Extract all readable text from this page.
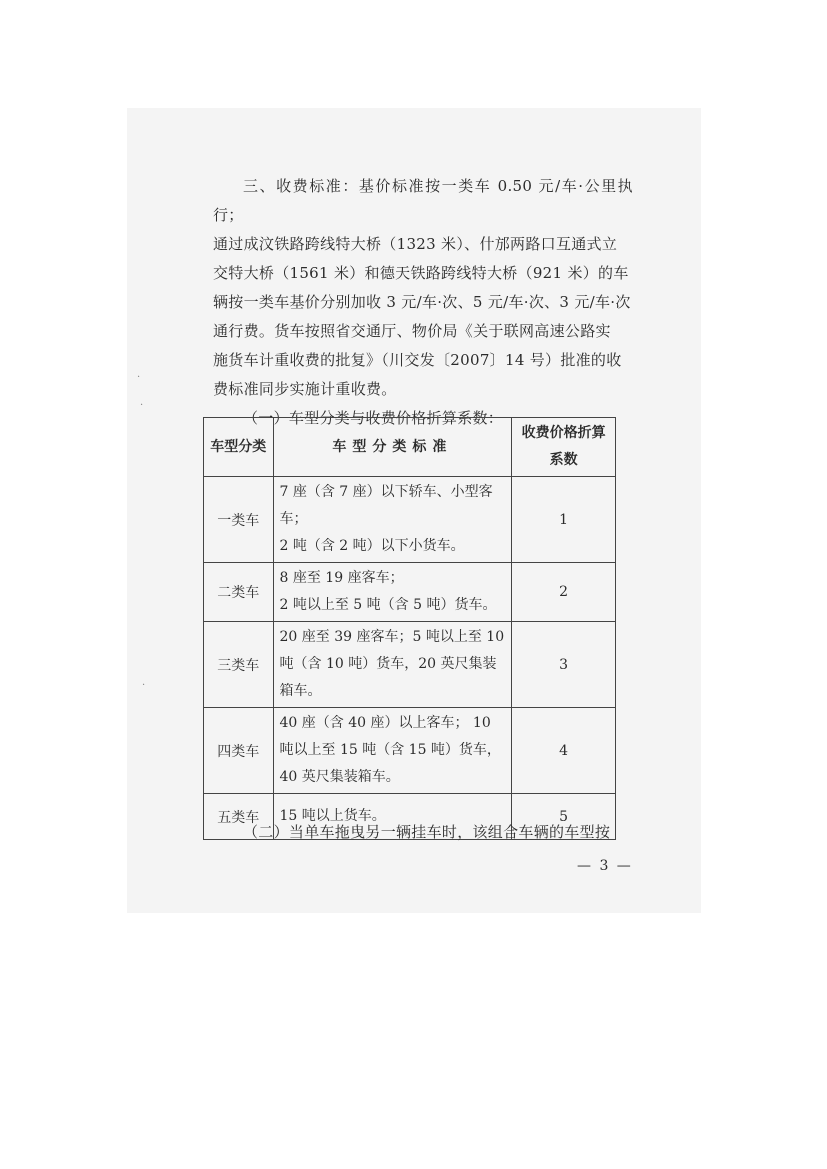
三、收费标准：基价标准按一类车 0.50 元/车·公里执行；

通过成汶铁路跨线特大桥（1323 米）、什邡两路口互通式立

交特大桥（1561 米）和德天铁路跨线特大桥（921 米）的车

辆按一类车基价分别加收 3 元/车·次、5 元/车·次、3 元/车·次

通行费。货车按照省交通厅、物价局《关于联网高速公路实

施货车计重收费的批复》（川交发〔2007〕14 号）批准的收

费标准同步实施计重收费。

（一）车型分类与收费价格折算系数：

车型分类	车型分类标准	收费价格折算系数
一类车	7 座（含 7 座）以下轿车、小型客车；
2 吨（含 2 吨）以下小货车。	1
二类车	8 座至 19 座客车；
2 吨以上至 5 吨（含 5 吨）货车。	2
三类车	20 座至 39 座客车；5 吨以上至 10 吨（含 10 吨）货车，20 英尺集装箱车。	3
四类车	40 座（含 40 座）以上客车； 10 吨以上至 15 吨（含 15 吨）货车，40 英尺集装箱车。	4
五类车	15 吨以上货车。	5

（二）当单车拖曳另一辆挂车时，该组合车辆的车型按

— 3 —
·
·
·
